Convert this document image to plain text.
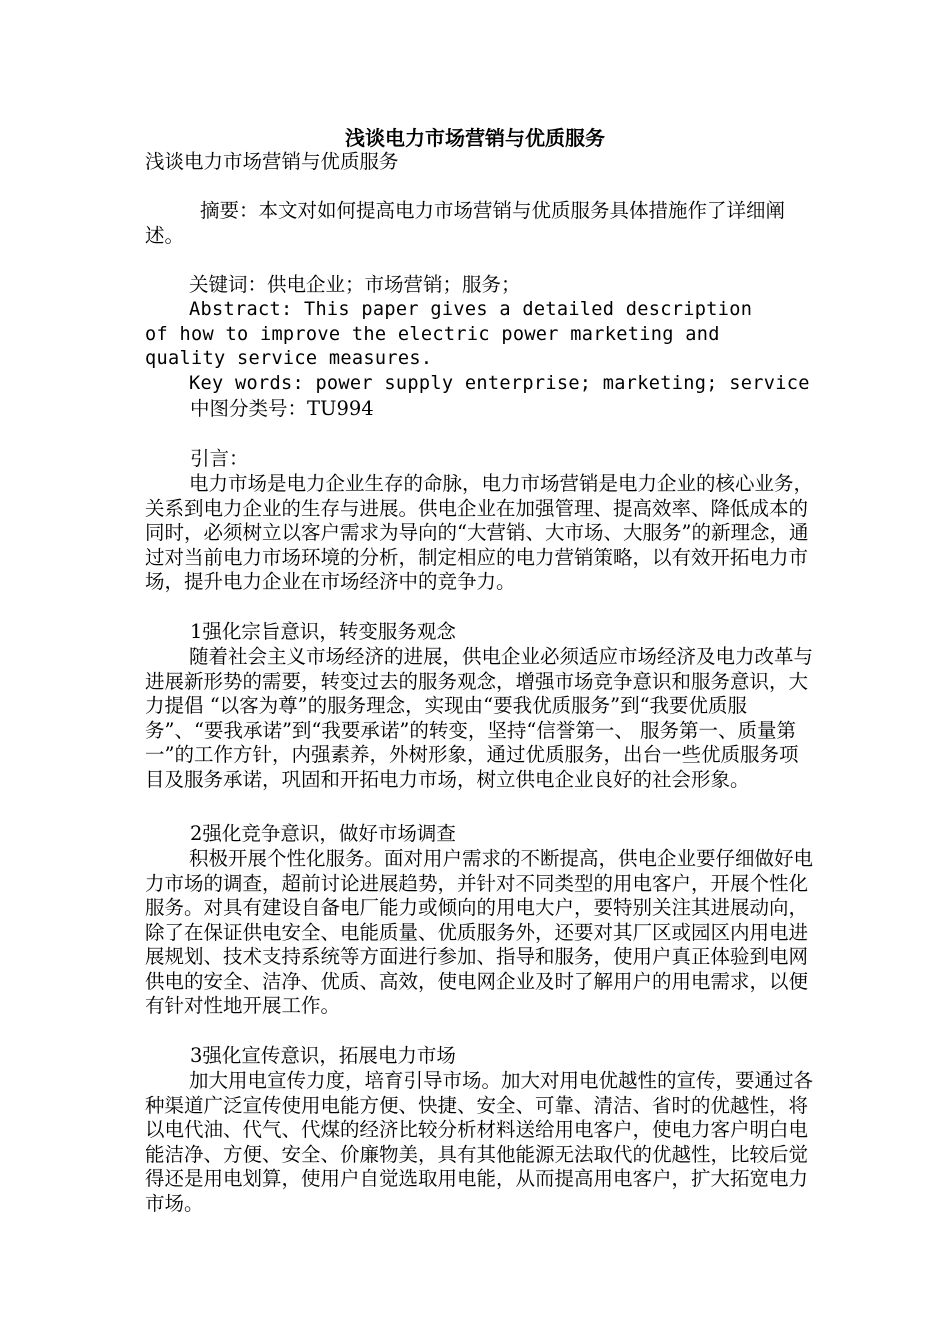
浅谈电力市场营销与优质服务

浅谈电力市场营销与优质服务

摘要：本文对如何提高电力市场营销与优质服务具体措施作了详细阐述。

关键词：供电企业；市场营销；服务；

Abstract: This paper gives a detailed description of how to improve the electric power marketing and quality service measures.

Key words: power supply enterprise; marketing; service

中图分类号：TU994

引言：

电力市场是电力企业生存的命脉，电力市场营销是电力企业的核心业务，关系到电力企业的生存与进展。供电企业在加强管理、提高效率、降低成本的同时，必须树立以客户需求为导向的“大营销、大市场、大服务”的新理念，通过对当前电力市场环境的分析，制定相应的电力营销策略，以有效开拓电力市场，提升电力企业在市场经济中的竞争力。

1强化宗旨意识，转变服务观念

随着社会主义市场经济的进展，供电企业必须适应市场经济及电力改革与进展新形势的需要，转变过去的服务观念，增强市场竞争意识和服务意识，大力提倡 “以客为尊”的服务理念，实现由“要我优质服务”到“我要优质服务”、“要我承诺”到“我要承诺”的转变，坚持“信誉第一、 服务第一、质量第一”的工作方针，内强素养，外树形象，通过优质服务，出台一些优质服务项目及服务承诺，巩固和开拓电力市场，树立供电企业良好的社会形象。

2强化竞争意识，做好市场调查

积极开展个性化服务。面对用户需求的不断提高，供电企业要仔细做好电力市场的调查，超前讨论进展趋势，并针对不同类型的用电客户，开展个性化服务。对具有建设自备电厂能力或倾向的用电大户，要特别关注其进展动向，除了在保证供电安全、电能质量、优质服务外，还要对其厂区或园区内用电进展规划、技术支持系统等方面进行参加、指导和服务，使用户真正体验到电网供电的安全、洁净、优质、高效，使电网企业及时了解用户的用电需求，以便有针对性地开展工作。

3强化宣传意识，拓展电力市场

加大用电宣传力度，培育引导市场。加大对用电优越性的宣传，要通过各种渠道广泛宣传使用电能方便、快捷、安全、可靠、清洁、省时的优越性，将以电代油、代气、代煤的经济比较分析材料送给用电客户，使电力客户明白电能洁净、方便、安全、价廉物美，具有其他能源无法取代的优越性，比较后觉得还是用电划算，使用户自觉选取用电能，从而提高用电客户，扩大拓宽电力市场。
